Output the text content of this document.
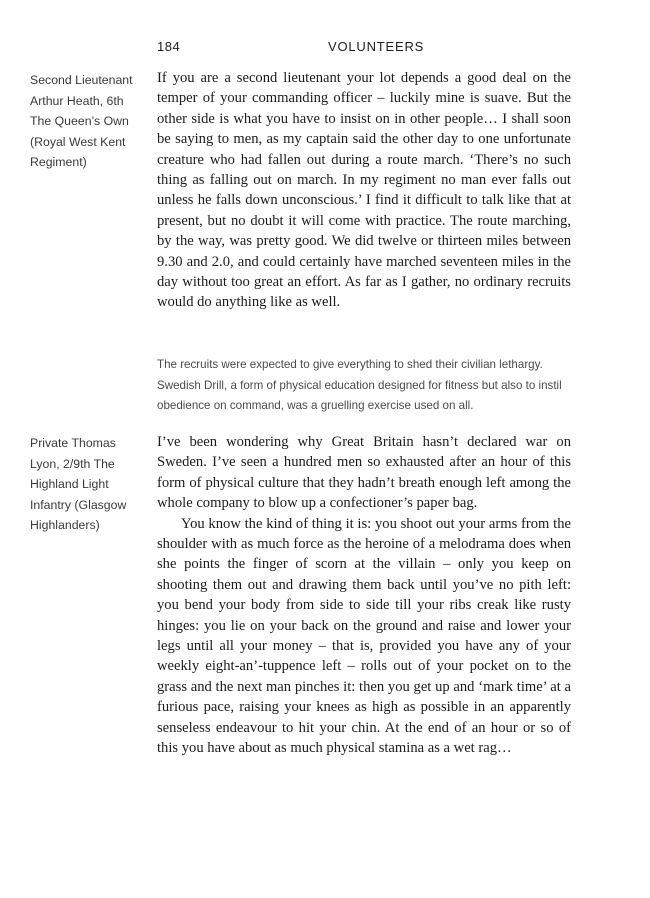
184	VOLUNTEERS
Second Lieutenant
Arthur Heath, 6th
The Queen’s Own
(Royal West Kent
Regiment)

If you are a second lieutenant your lot depends a good deal on the temper of your commanding officer – luckily mine is suave. But the other side is what you have to insist on in other people… I shall soon be saying to men, as my captain said the other day to one unfortunate creature who had fallen out during a route march. ‘There’s no such thing as falling out on march. In my regiment no man ever falls out unless he falls down unconscious.’ I find it difficult to talk like that at present, but no doubt it will come with practice. The route marching, by the way, was pretty good. We did twelve or thirteen miles between 9.30 and 2.0, and could certainly have marched seventeen miles in the day without too great an effort. As far as I gather, no ordinary recruits would do anything like as well.

The recruits were expected to give everything to shed their civilian lethargy. Swedish Drill, a form of physical education designed for fitness but also to instil obedience on command, was a gruelling exercise used on all.

Private Thomas
Lyon, 2/9th The
Highland Light
Infantry (Glasgow
Highlanders)

I’ve been wondering why Great Britain hasn’t declared war on Sweden. I’ve seen a hundred men so exhausted after an hour of this form of physical culture that they hadn’t breath enough left among the whole company to blow up a confectioner’s paper bag.

You know the kind of thing it is: you shoot out your arms from the shoulder with as much force as the heroine of a melodrama does when she points the finger of scorn at the villain – only you keep on shooting them out and drawing them back until you’ve no pith left: you bend your body from side to side till your ribs creak like rusty hinges: you lie on your back on the ground and raise and lower your legs until all your money – that is, provided you have any of your weekly eight-an’-tuppence left – rolls out of your pocket on to the grass and the next man pinches it: then you get up and ‘mark time’ at a furious pace, raising your knees as high as possible in an apparently senseless endeavour to hit your chin. At the end of an hour or so of this you have about as much physical stamina as a wet rag…
